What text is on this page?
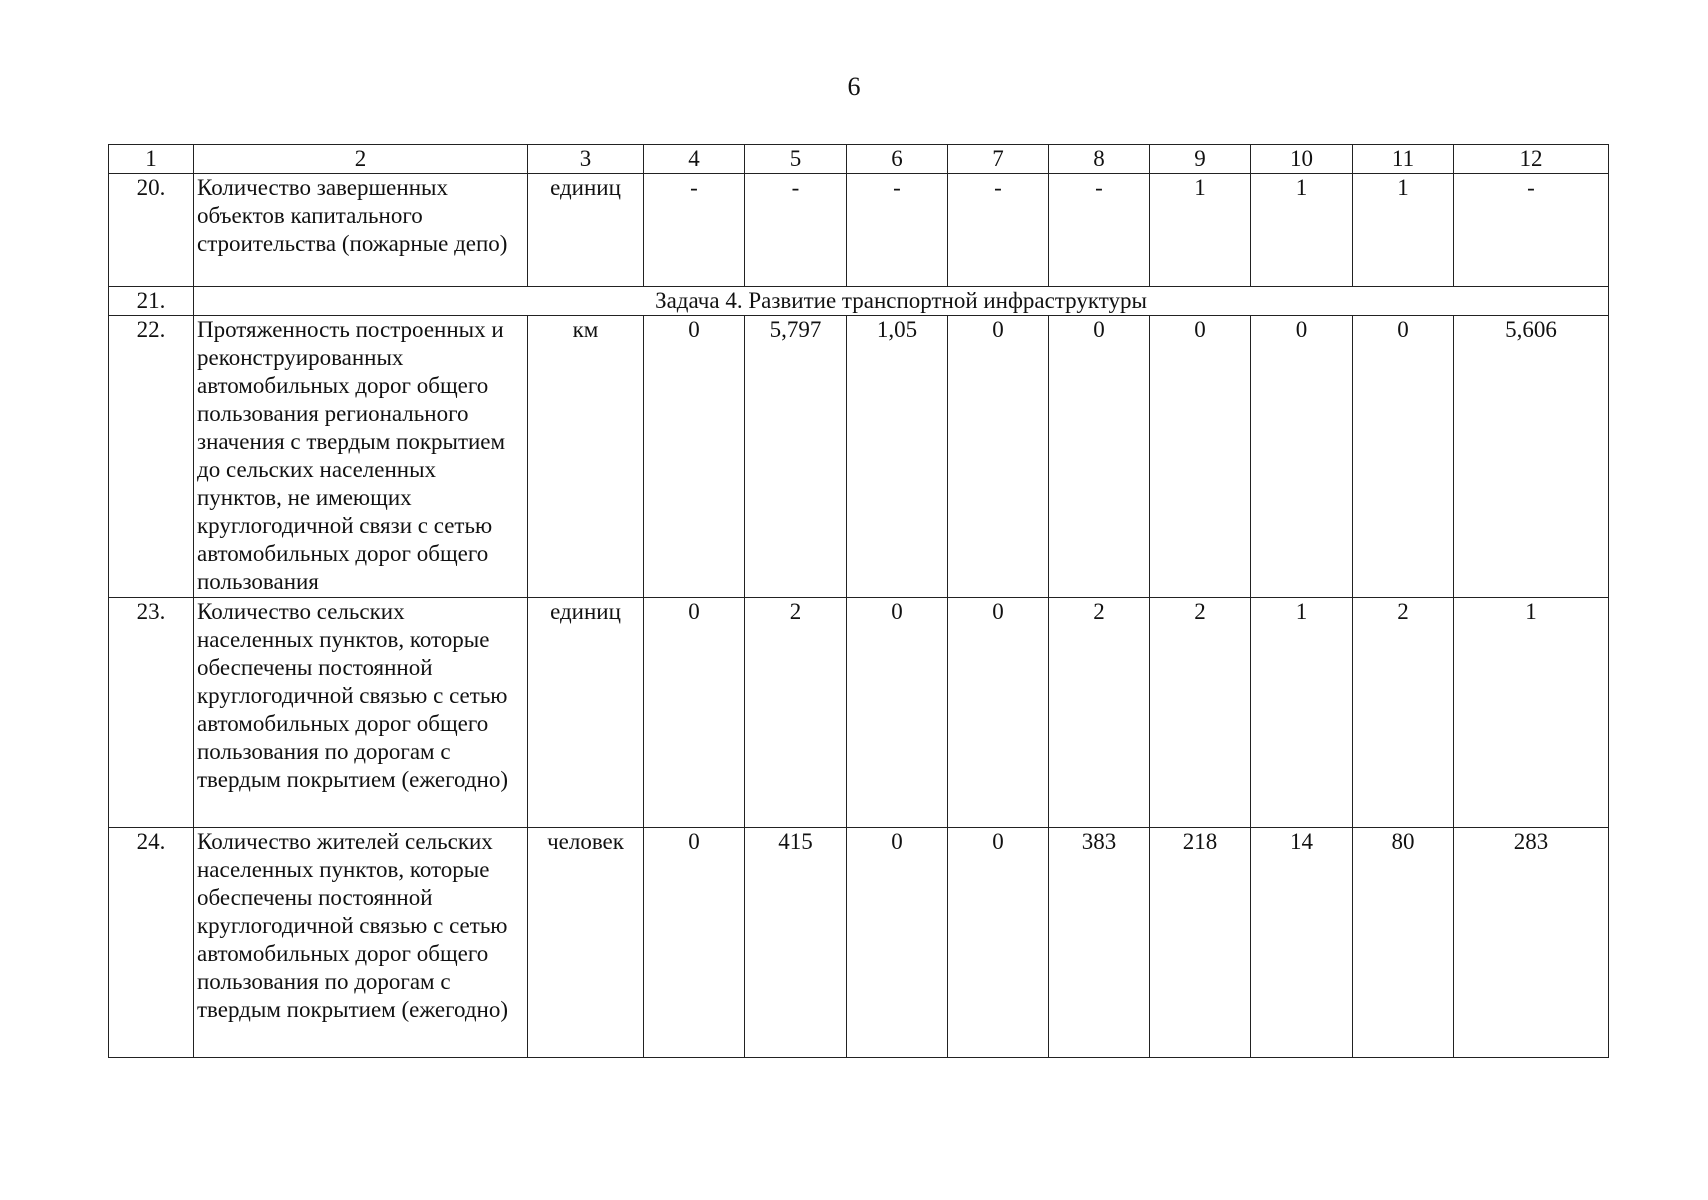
6
1	2	3	4	5	6	7	8	9	10	11	12
20.	Количество завершенных объектов капитального строительства (пожарные депо)	единиц	-	-	-	-	-	1	1	1	-
21.	Задача 4. Развитие транспортной инфраструктуры										
22.	Протяженность построенных и реконструированных автомобильных дорог общего пользования регионального значения с твердым покрытием до сельских населенных пунктов, не имеющих круглогодичной связи с сетью автомобильных дорог общего пользования	км	0	5,797	1,05	0	0	0	0	0	5,606
23.	Количество сельских населенных пунктов, которые обеспечены постоянной круглогодичной связью с сетью автомобильных дорог общего пользования по дорогам с твердым покрытием (ежегодно)	единиц	0	2	0	0	2	2	1	2	1
24.	Количество жителей сельских населенных пунктов, которые обеспечены постоянной круглогодичной связью с сетью автомобильных дорог общего пользования по дорогам с твердым покрытием (ежегодно)	человек	0	415	0	0	383	218	14	80	283
